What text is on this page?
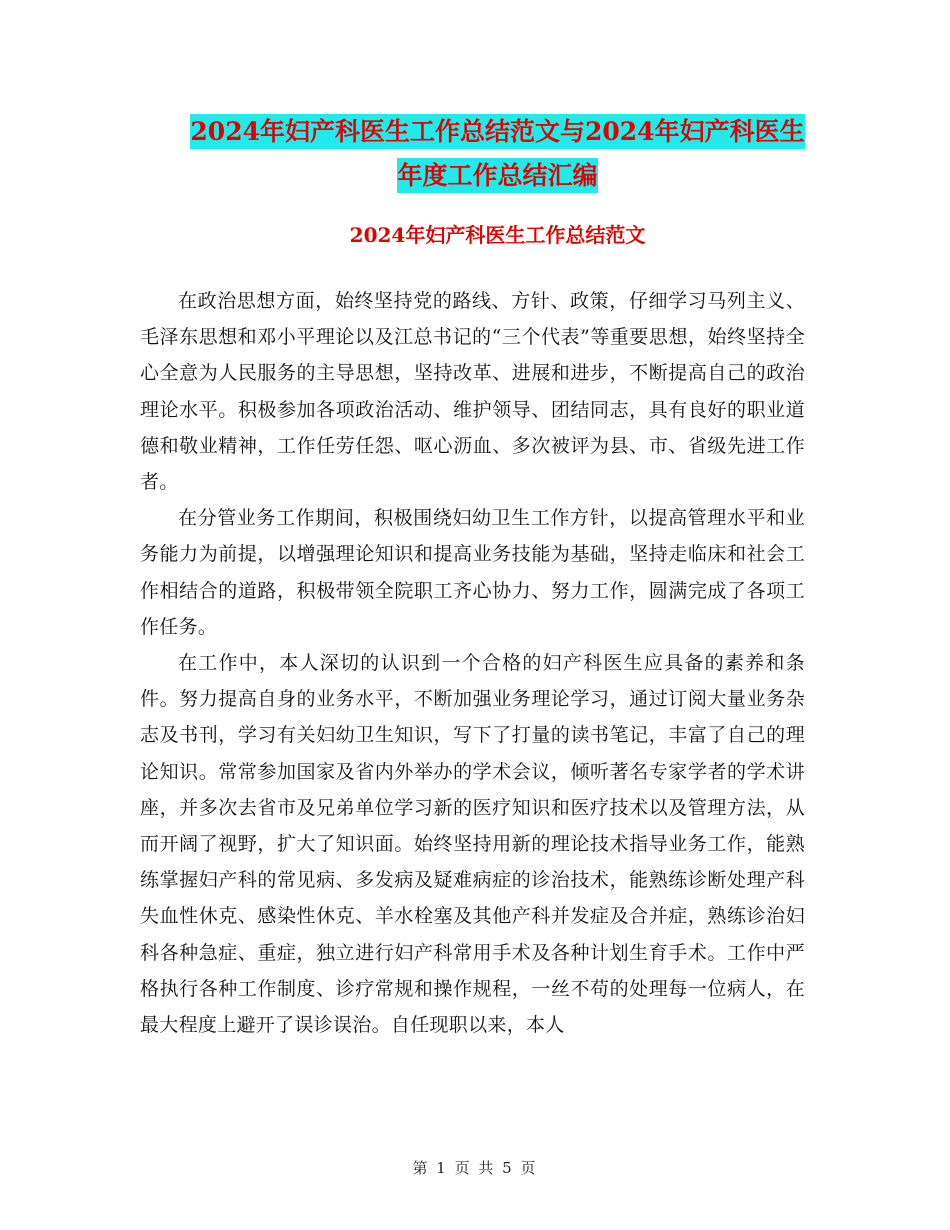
2024年妇产科医生工作总结范文与2024年妇产科医生
年度工作总结汇编
2024年妇产科医生工作总结范文

在政治思想方面，始终坚持党的路线、方针、政策，仔细学习马列主义、毛泽东思想和邓小平理论以及江总书记的“三个代表”等重要思想，始终坚持全心全意为人民服务的主导思想，坚持改革、进展和进步，不断提高自己的政治理论水平。积极参加各项政治活动、维护领导、团结同志，具有良好的职业道德和敬业精神，工作任劳任怨、呕心沥血、多次被评为县、市、省级先进工作者。

在分管业务工作期间，积极围绕妇幼卫生工作方针，以提高管理水平和业务能力为前提，以增强理论知识和提高业务技能为基础，坚持走临床和社会工作相结合的道路，积极带领全院职工齐心协力、努力工作，圆满完成了各项工作任务。

在工作中，本人深切的认识到一个合格的妇产科医生应具备的素养和条件。努力提高自身的业务水平，不断加强业务理论学习，通过订阅大量业务杂志及书刊，学习有关妇幼卫生知识，写下了打量的读书笔记，丰富了自己的理论知识。常常参加国家及省内外举办的学术会议，倾听著名专家学者的学术讲座，并多次去省市及兄弟单位学习新的医疗知识和医疗技术以及管理方法，从而开阔了视野，扩大了知识面。始终坚持用新的理论技术指导业务工作，能熟练掌握妇产科的常见病、多发病及疑难病症的诊治技术，能熟练诊断处理产科失血性休克、感染性休克、羊水栓塞及其他产科并发症及合并症，熟练诊治妇科各种急症、重症，独立进行妇产科常用手术及各种计划生育手术。工作中严格执行各种工作制度、诊疗常规和操作规程，一丝不苟的处理每一位病人，在最大程度上避开了误诊误治。自任现职以来，本人

第 1 页 共 5 页
